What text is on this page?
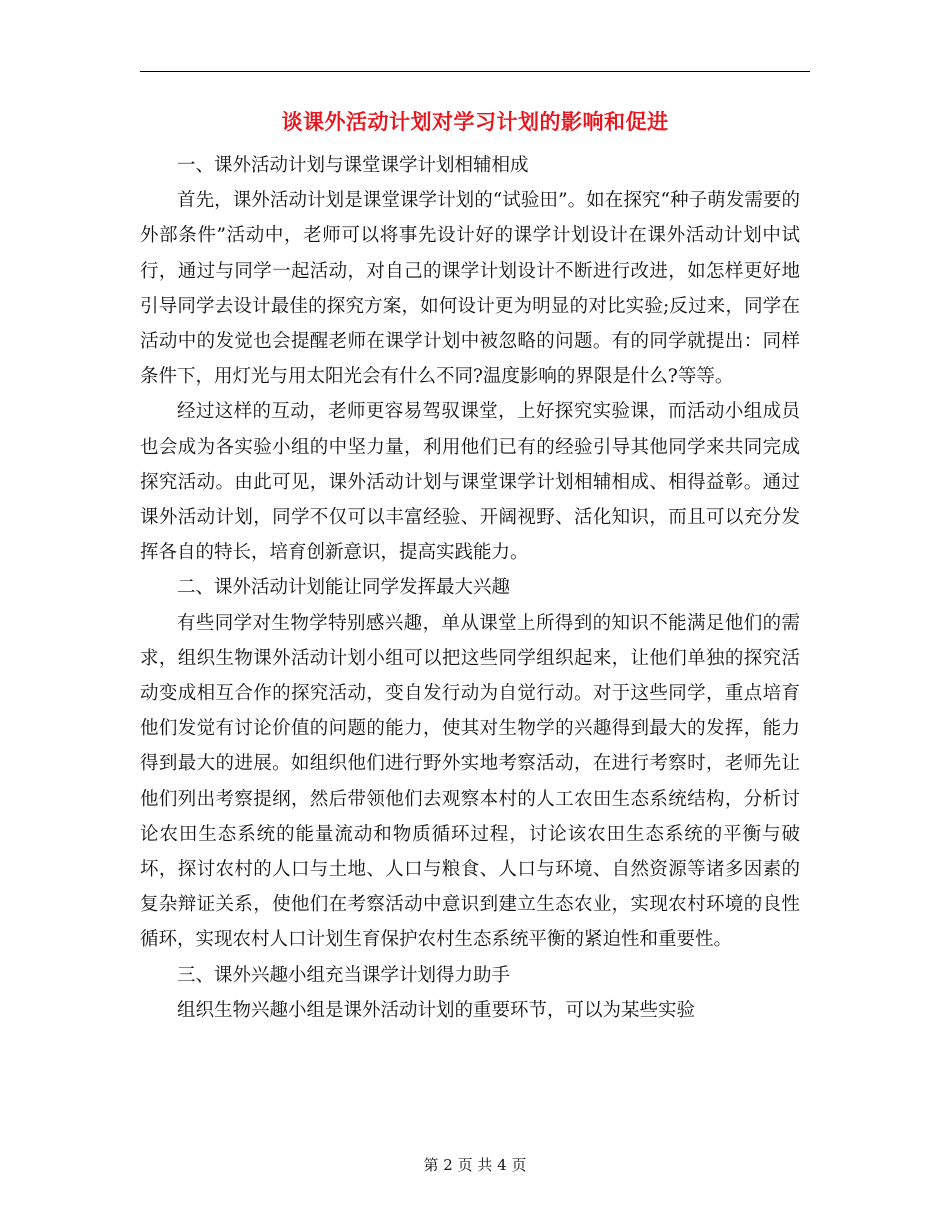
谈课外活动计划对学习计划的影响和促进

一、课外活动计划与课堂课学计划相辅相成

首先，课外活动计划是课堂课学计划的“试验田”。如在探究“种子萌发需要的外部条件”活动中，老师可以将事先设计好的课学计划设计在课外活动计划中试行，通过与同学一起活动，对自己的课学计划设计不断进行改进，如怎样更好地引导同学去设计最佳的探究方案，如何设计更为明显的对比实验;反过来，同学在活动中的发觉也会提醒老师在课学计划中被忽略的问题。有的同学就提出：同样条件下，用灯光与用太阳光会有什么不同?温度影响的界限是什么?等等。

经过这样的互动，老师更容易驾驭课堂，上好探究实验课，而活动小组成员也会成为各实验小组的中坚力量，利用他们已有的经验引导其他同学来共同完成探究活动。由此可见，课外活动计划与课堂课学计划相辅相成、相得益彰。通过课外活动计划，同学不仅可以丰富经验、开阔视野、活化知识，而且可以充分发挥各自的特长，培育创新意识，提高实践能力。

二、课外活动计划能让同学发挥最大兴趣

有些同学对生物学特别感兴趣，单从课堂上所得到的知识不能满足他们的需求，组织生物课外活动计划小组可以把这些同学组织起来，让他们单独的探究活动变成相互合作的探究活动，变自发行动为自觉行动。对于这些同学，重点培育他们发觉有讨论价值的问题的能力，使其对生物学的兴趣得到最大的发挥，能力得到最大的进展。如组织他们进行野外实地考察活动，在进行考察时，老师先让他们列出考察提纲，然后带领他们去观察本村的人工农田生态系统结构，分析讨论农田生态系统的能量流动和物质循环过程，讨论该农田生态系统的平衡与破坏，探讨农村的人口与土地、人口与粮食、人口与环境、自然资源等诸多因素的复杂辩证关系，使他们在考察活动中意识到建立生态农业，实现农村环境的良性循环，实现农村人口计划生育保护农村生态系统平衡的紧迫性和重要性。

三、课外兴趣小组充当课学计划得力助手

组织生物兴趣小组是课外活动计划的重要环节，可以为某些实验

第 2 页 共 4 页
